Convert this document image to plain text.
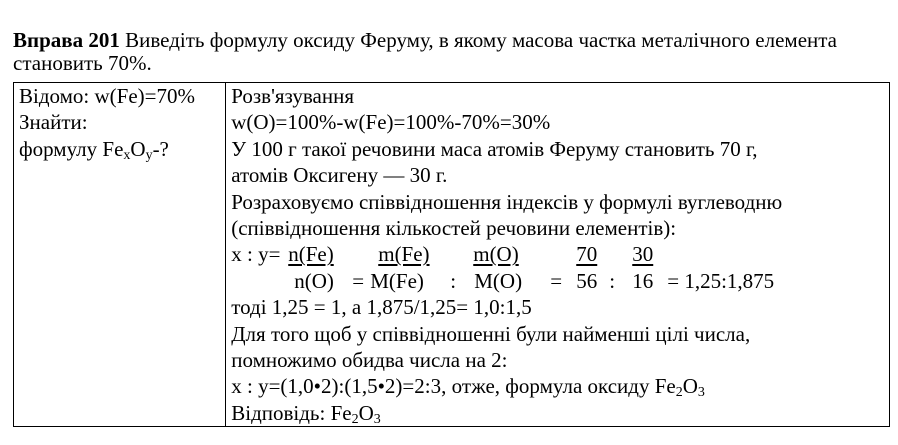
Вправа 201 Виведіть формулу оксиду Феруму, в якому масова частка металічного елемента становить 70%.
Відомо: w(Fe)=70%
Знайти:
формулу $Fe_xO_y-$?

Розв'язування
w(O)=100%-w(Fe)=100%-70%=30%
У 100 г такої речовини маса атомів Феруму становить 70 г,
атомів Оксигену — 30 г.
Розраховуємо співвідношення індексів у формулі вуглеводню
(співвідношення кількостей речовини елементів):
x : y= n(Fe) m(Fe) m(O)	70 30
n(O) = M(Fe) : M(O) = 56 : 16 = 1,25:1,875
тоді 1,25 = 1, а 1,875/1,25= 1,0:1,5
Для того щоб у співвідношенні були найменші цілі числа,
помножимо обидва числа на 2:
x : y=(1,0•2):(1,5•2)=2:3, отже, формула оксиду $Fe_2O_3$
Відповідь: $Fe_2O_3$
